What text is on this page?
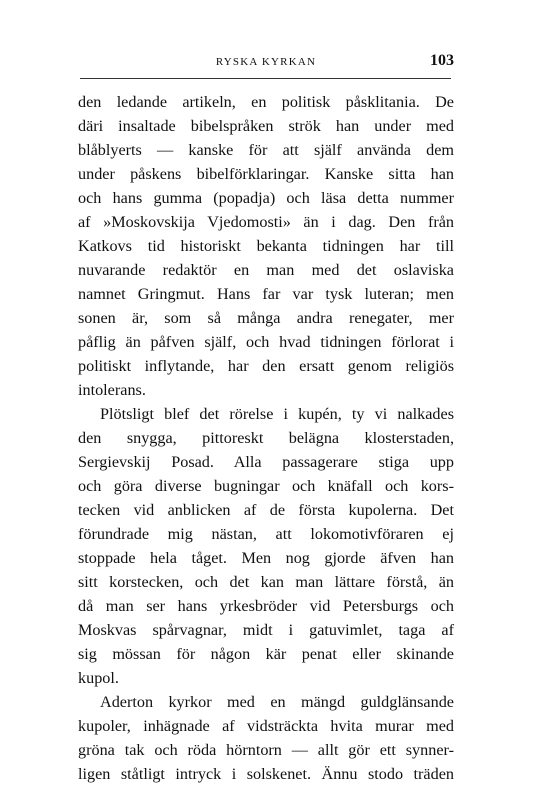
RYSKA KYRKAN	103
den ledande artikeln, en politisk påsklitania. De
däri insaltade bibelspråken strök han under med
blåblyerts — kanske för att själf använda dem
under påskens bibelförklaringar. Kanske sitta han
och hans gumma (popadja) och läsa detta nummer
af »Moskovskija Vjedomosti» än i dag. Den från
Katkovs tid historiskt bekanta tidningen har till
nuvarande redaktör en man med det oslaviska
namnet Gringmut. Hans far var tysk luteran; men
sonen är, som så många andra renegater, mer
påflig än påfven själf, och hvad tidningen förlorat i
politiskt inflytande, har den ersatt genom religiös
intolerans.
Plötsligt blef det rörelse i kupén, ty vi nalkades
den snygga, pittoreskt belägna klosterstaden,
Sergievskij Posad. Alla passagerare stiga upp
och göra diverse bugningar och knäfall och kors-
tecken vid anblicken af de första kupolerna. Det
förundrade mig nästan, att lokomotivföraren ej
stoppade hela tåget. Men nog gjorde äfven han
sitt korstecken, och det kan man lättare förstå, än
då man ser hans yrkesbröder vid Petersburgs och
Moskvas spårvagnar, midt i gatuvimlet, taga af
sig mössan för någon kär penat eller skinande
kupol.
Aderton kyrkor med en mängd guldglänsande
kupoler, inhägnade af vidsträckta hvita murar med
gröna tak och röda hörntorn — allt gör ett synner-
ligen ståtligt intryck i solskenet. Ännu stodo träden
